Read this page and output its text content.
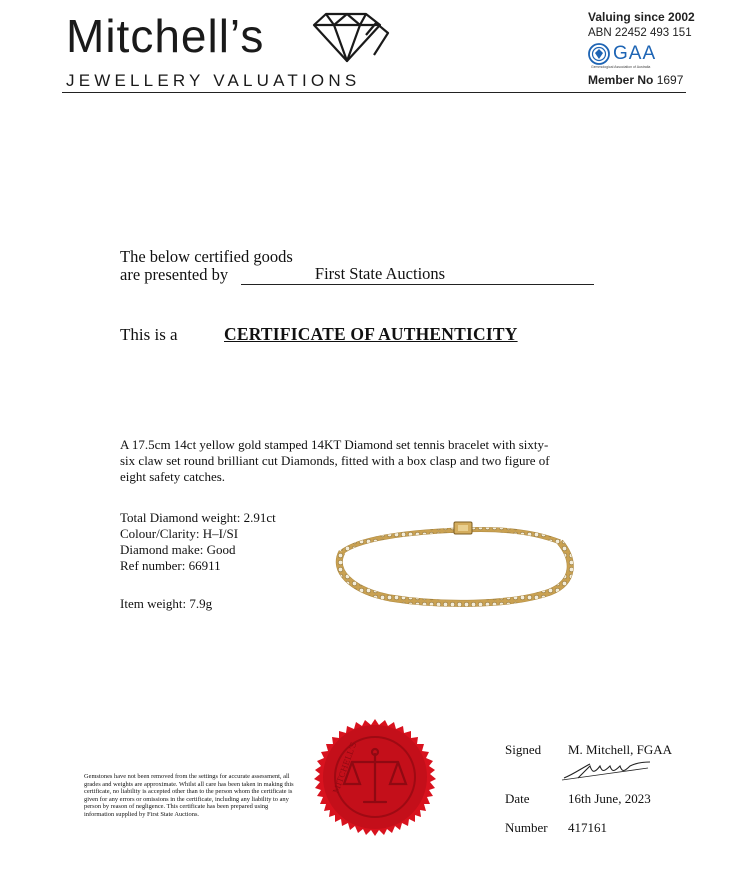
Mitchell’s
JEWELLERY VALUATIONS
Valuing since 2002
ABN 22452 493 151
GAA
Gemmological Association of Australia
Member No 1697
The below certified goods
are presented by	First State Auctions
This is a	CERTIFICATE OF AUTHENTICITY
A 17.5cm 14ct yellow gold stamped 14KT Diamond set tennis bracelet with sixty-six claw set round brilliant cut Diamonds, fitted with a box clasp and two figure of eight safety catches.
Total Diamond weight: 2.91ct
Colour/Clarity: H–I/SI
Diamond make: Good
Ref number: 66911
Item weight: 7.9g
Gemstones have not been removed from the settings for accurate assessment, all grades and weights are approximate. Whilst all care has been taken in making this certificate, no liability is accepted other than to the person whom the certificate is given for any errors or omissions in the certificate, including any liability to any person by reason of negligence. This certificate has been prepared using information supplied by First State Auctions.
MITCHELL'S	Signed M. Mitchell, FGAA
Date	16th June, 2023
Number 417161
